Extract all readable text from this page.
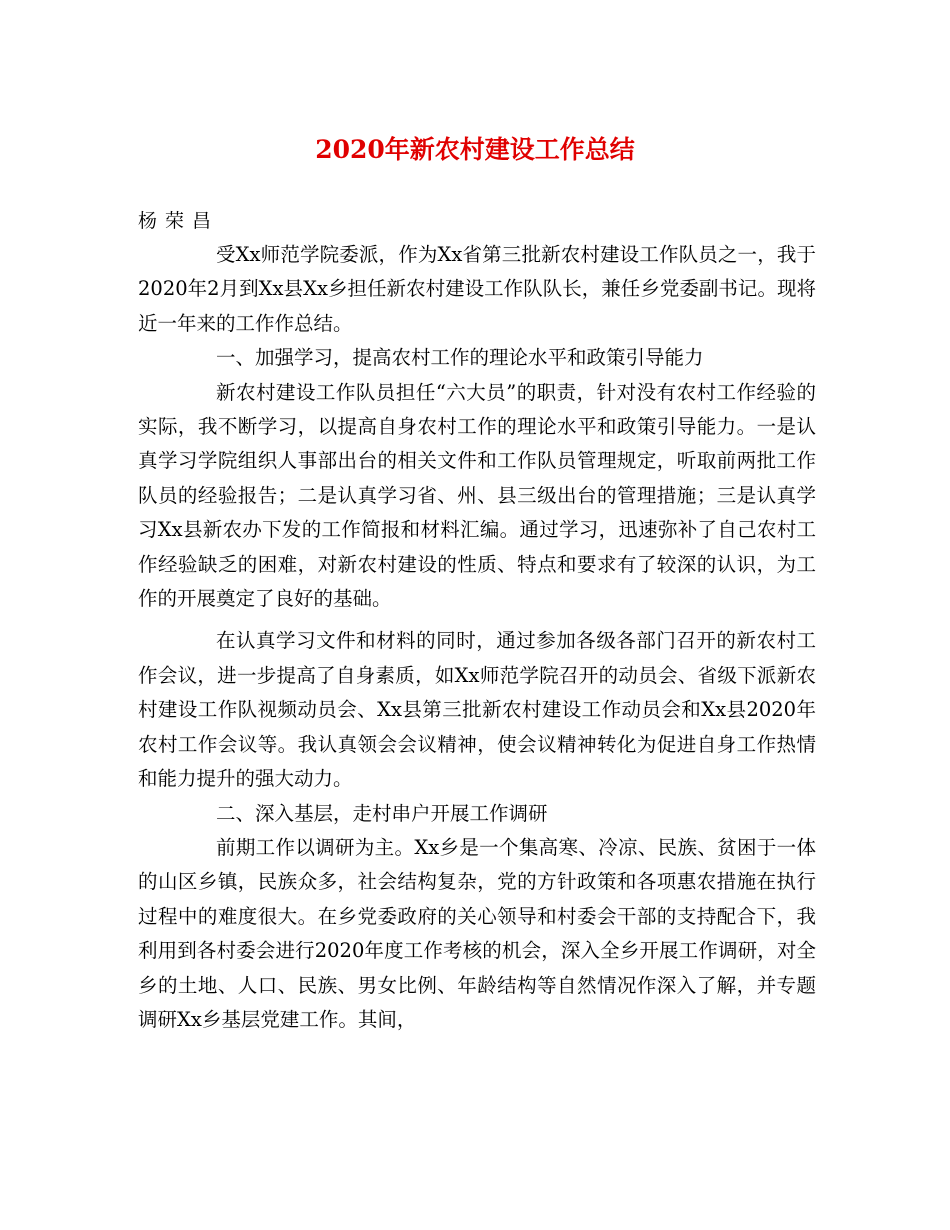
2020年新农村建设工作总结
杨荣昌

受Xx师范学院委派，作为Xx省第三批新农村建设工作队员之一，我于2020年2月到Xx县Xx乡担任新农村建设工作队队长，兼任乡党委副书记。现将近一年来的工作作总结。

一、加强学习，提高农村工作的理论水平和政策引导能力

新农村建设工作队员担任“六大员”的职责，针对没有农村工作经验的实际，我不断学习，以提高自身农村工作的理论水平和政策引导能力。一是认真学习学院组织人事部出台的相关文件和工作队员管理规定，听取前两批工作队员的经验报告；二是认真学习省、州、县三级出台的管理措施；三是认真学习Xx县新农办下发的工作简报和材料汇编。通过学习，迅速弥补了自己农村工作经验缺乏的困难，对新农村建设的性质、特点和要求有了较深的认识，为工作的开展奠定了良好的基础。

在认真学习文件和材料的同时，通过参加各级各部门召开的新农村工作会议，进一步提高了自身素质，如Xx师范学院召开的动员会、省级下派新农村建设工作队视频动员会、Xx县第三批新农村建设工作动员会和Xx县2020年农村工作会议等。我认真领会会议精神，使会议精神转化为促进自身工作热情和能力提升的强大动力。

二、深入基层，走村串户开展工作调研

前期工作以调研为主。Xx乡是一个集高寒、冷凉、民族、贫困于一体的山区乡镇，民族众多，社会结构复杂，党的方针政策和各项惠农措施在执行过程中的难度很大。在乡党委政府的关心领导和村委会干部的支持配合下，我利用到各村委会进行2020年度工作考核的机会，深入全乡开展工作调研，对全乡的土地、人口、民族、男女比例、年龄结构等自然情况作深入了解，并专题调研Xx乡基层党建工作。其间，
